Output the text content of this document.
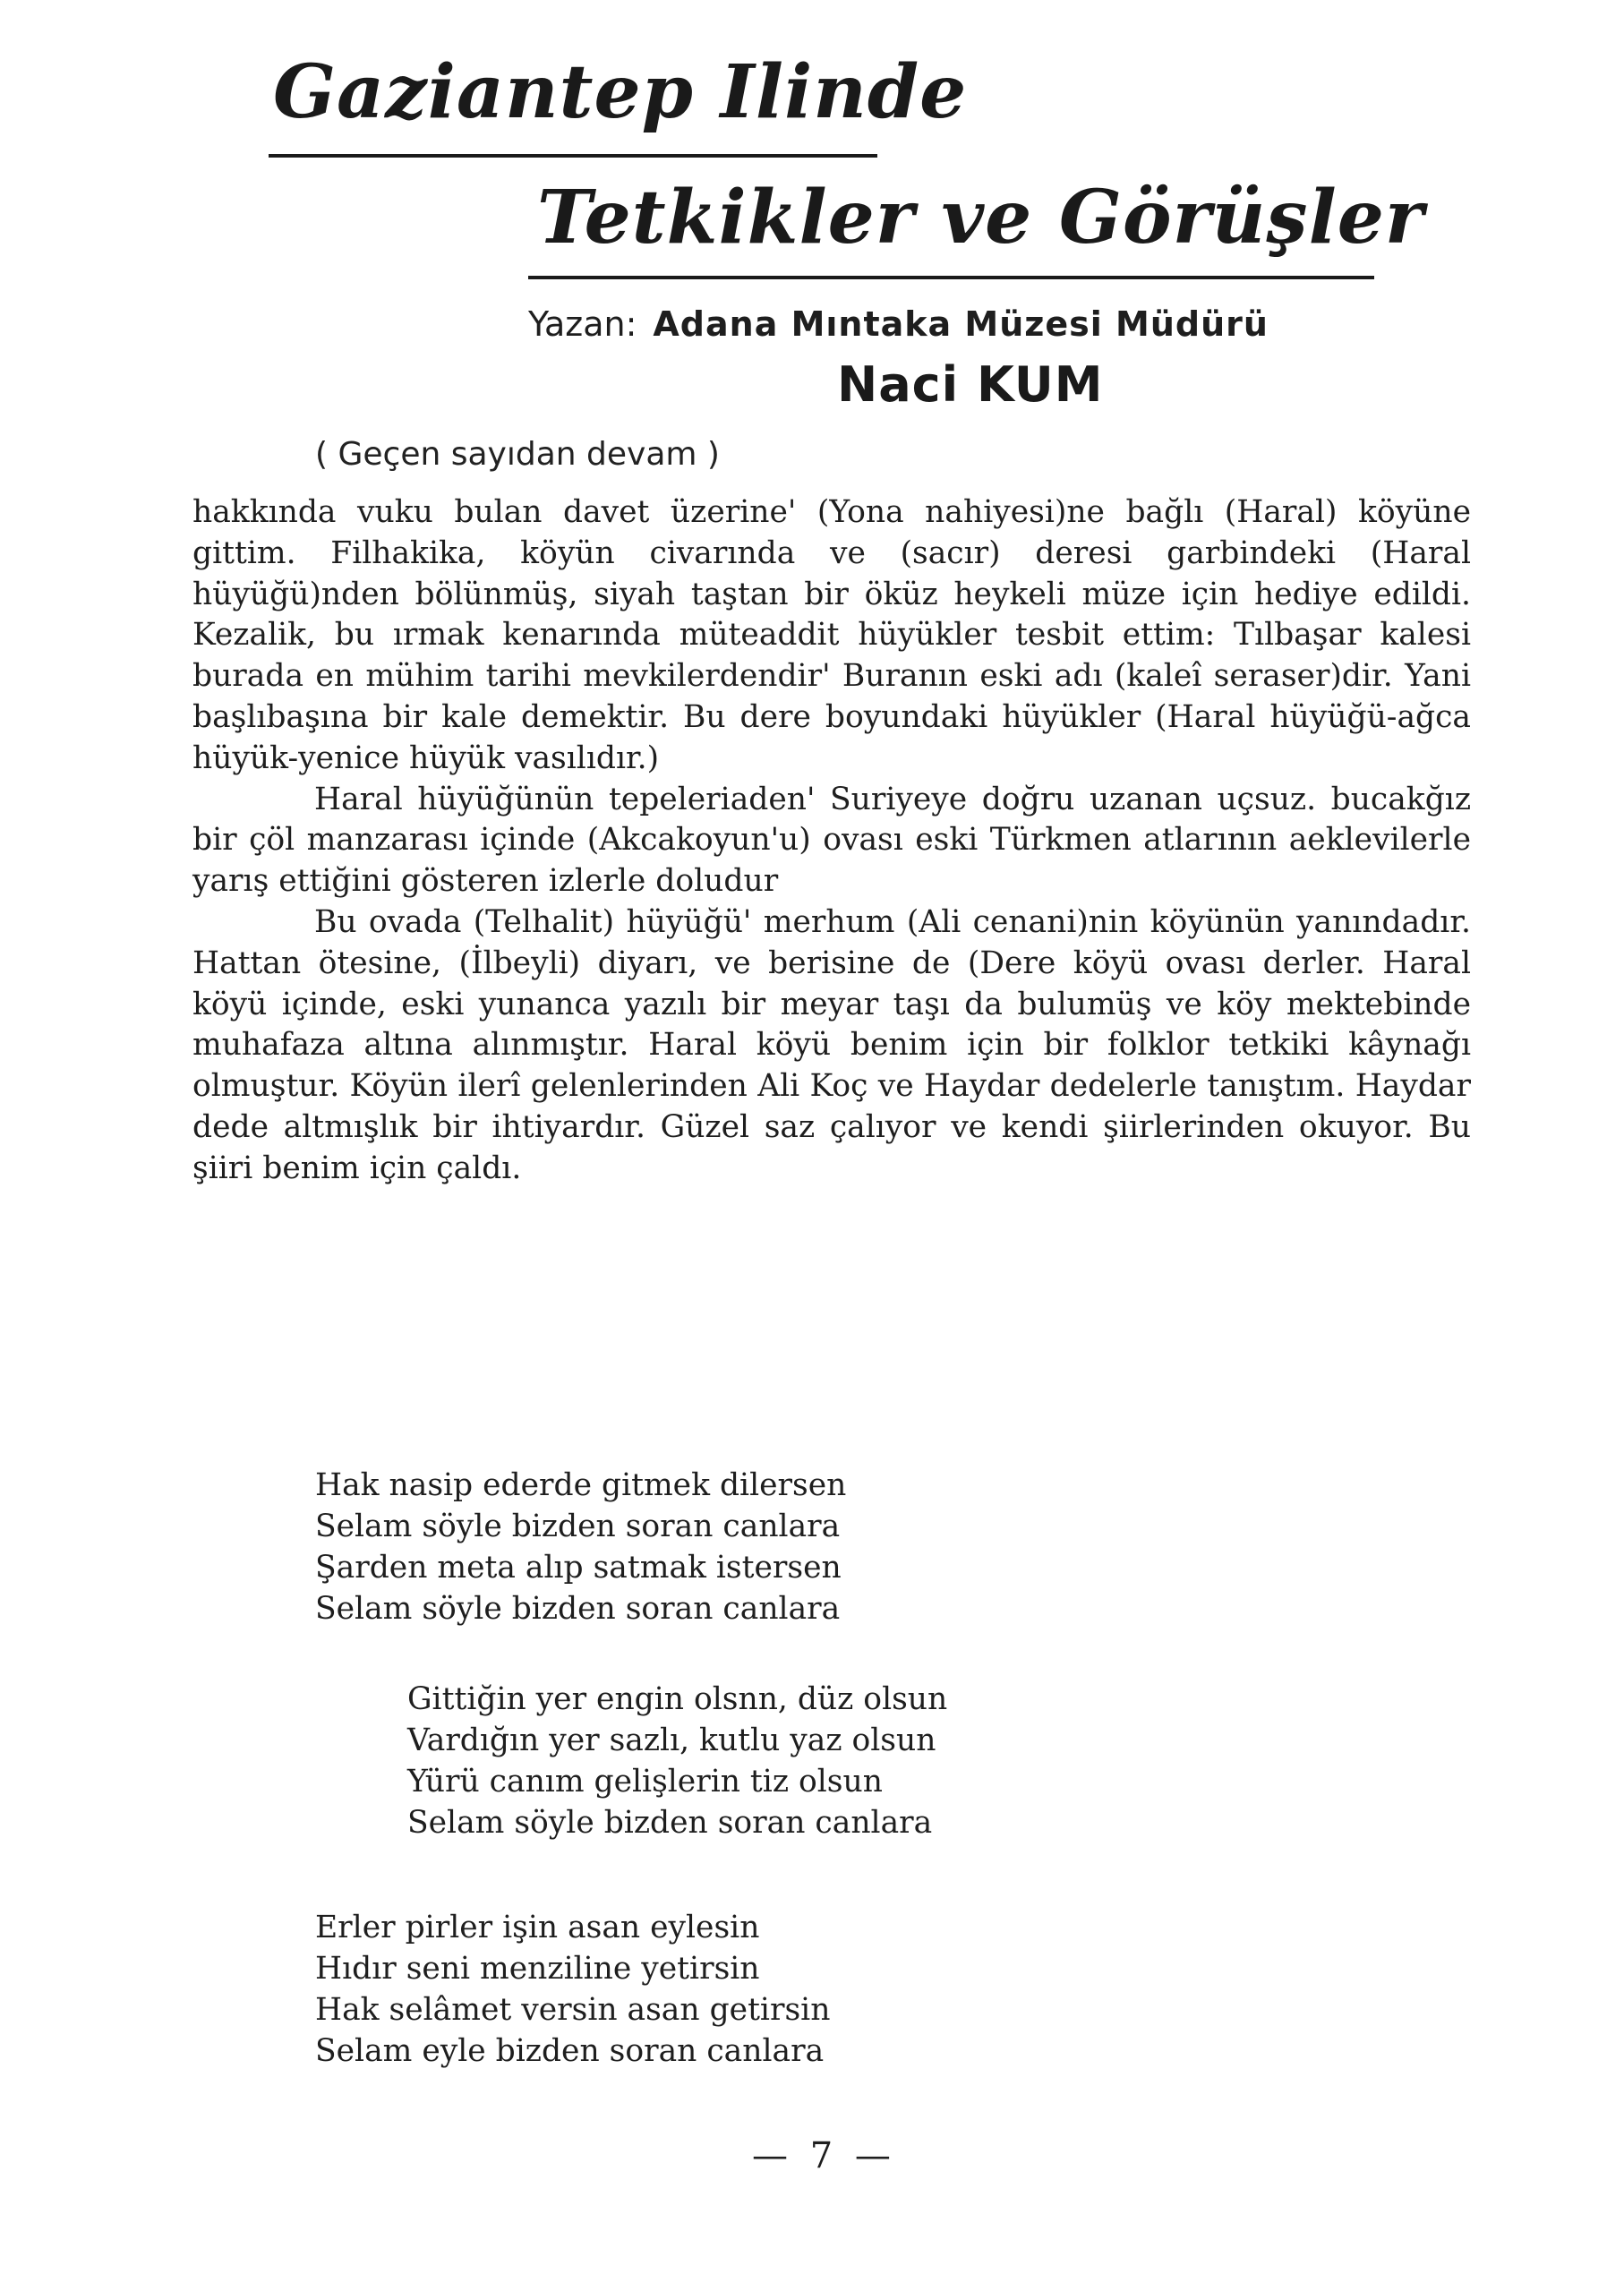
Gaziantep Ilinde
Tetkikler ve Görüşler
Yazan: Adana Mıntaka Müzesi Müdürü
Naci KUM
( Geçen sayıdan devam )

hakkında vuku bulan davet üzerine' (Yona nahiyesi)ne bağlı (Haral) köyüne gittim. Filhakika, köyün civarında ve (sacır) deresi garbindeki (Haral hüyüğü)nden bölünmüş, siyah taştan bir öküz heykeli müze için hediye edildi. Kezalik, bu ırmak kenarında müteaddit hüyükler tesbit ettim: Tılbaşar kalesi burada en mühim tarihi mevkilerdendir' Buranın eski adı (kaleî seraser)dir. Yani başlıbaşına bir kale demektir. Bu dere boyundaki hüyükler (Haral hüyüğü-ağca hüyük-yenice hüyük vasılıdır.)

Haral hüyüğünün tepeleriaden' Suriyeye doğru uzanan uçsuz. bucakğız bir çöl manzarası içinde (Akcakoyun'u) ovası eski Türkmen atlarının aeklevilerle yarış ettiğini gösteren izlerle doludur

Bu ovada (Telhalit) hüyüğü' merhum (Ali cenani)nin köyünün yanındadır. Hattan ötesine, (İlbeyli) diyarı, ve berisine de (Dere köyü ovası derler. Haral köyü içinde, eski yunanca yazılı bir meyar taşı da bulumüş ve köy mektebinde muhafaza altına alınmıştır. Haral köyü benim için bir folklor tetkiki kâynağı olmuştur. Köyün ilerî gelenlerinden Ali Koç ve Haydar dedelerle tanıştım. Haydar dede altmışlık bir ihtiyardır. Güzel saz çalıyor ve kendi şiirlerinden okuyor. Bu şiiri benim için çaldı.

Hak nasip ederde gitmek dilersen
Selam söyle bizden soran canlara
Şarden meta alıp satmak istersen
Selam söyle bizden soran canlara
Gittiğin yer engin olsnn, düz olsun
Vardığın yer sazlı, kutlu yaz olsun
Yürü canım gelişlerin tiz olsun
Selam söyle bizden soran canlara
Erler pirler işin asan eylesin
Hıdır seni menziline yetirsin
Hak selâmet versin asan getirsin
Selam eyle bizden soran canlara
— 7 —
